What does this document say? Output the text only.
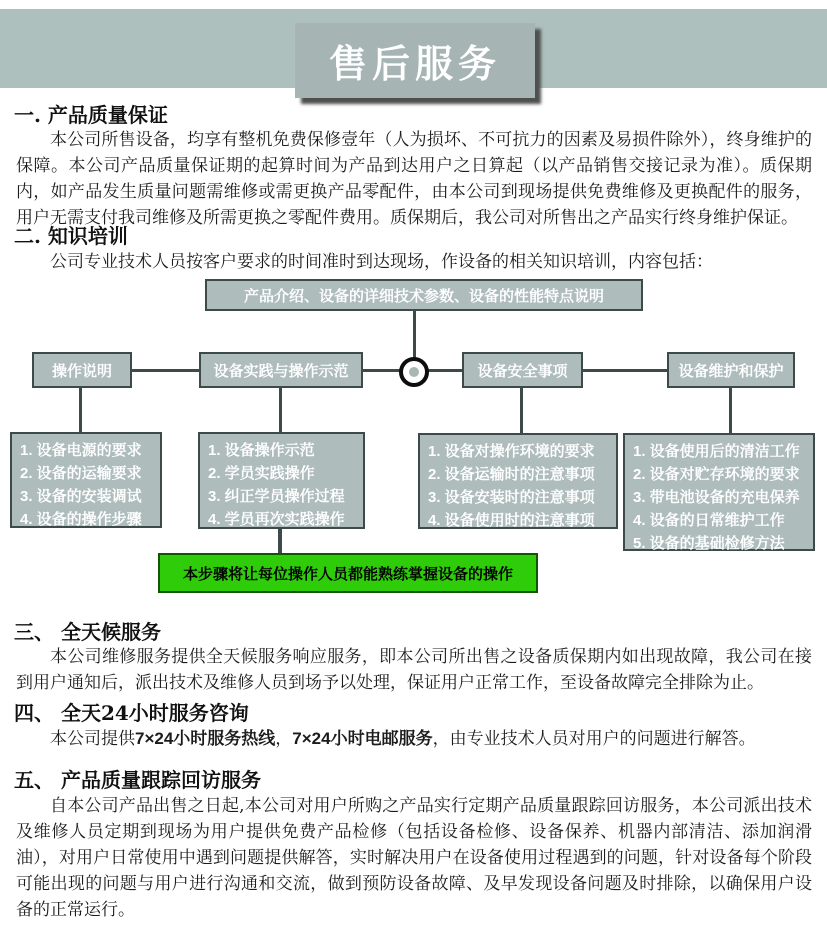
售后服务
一. 产品质量保证

本公司所售设备，均享有整机免费保修壹年（人为损坏、不可抗力的因素及易损件除外），终身维护的保障。本公司产品质量保证期的起算时间为产品到达用户之日算起（以产品销售交接记录为准）。质保期内，如产品发生质量问题需维修或需更换产品零配件，由本公司到现场提供免费维修及更换配件的服务，用户无需支付我司维修及所需更换之零配件费用。质保期后，我公司对所售出之产品实行终身维护保证。

二. 知识培训

公司专业技术人员按客户要求的时间准时到达现场，作设备的相关知识培训，内容包括：

产品介绍、设备的详细技术参数、设备的性能特点说明
操作说明	设备实践与操作示范	设备安全事项	设备维护和保护
1. 设备电源的要求
2. 设备的运输要求
3. 设备的安装调试
4. 设备的操作步骤
1. 设备操作示范
2. 学员实践操作
3. 纠正学员操作过程
4. 学员再次实践操作
1. 设备对操作环境的要求
2. 设备运输时的注意事项
3. 设备安装时的注意事项
4. 设备使用时的注意事项
1. 设备使用后的清洁工作
2. 设备对贮存环境的要求
3. 带电池设备的充电保养
4. 设备的日常维护工作
5. 设备的基础检修方法
本步骤将让每位操作人员都能熟练掌握设备的操作
三、 全天候服务

本公司维修服务提供全天候服务响应服务，即本公司所出售之设备质保期内如出现故障，我公司在接到用户通知后，派出技术及维修人员到场予以处理，保证用户正常工作，至设备故障完全排除为止。

四、 全天24小时服务咨询

本公司提供7×24小时服务热线，7×24小时电邮服务，由专业技术人员对用户的问题进行解答。

五、 产品质量跟踪回访服务

自本公司产品出售之日起,本公司对用户所购之产品实行定期产品质量跟踪回访服务，本公司派出技术及维修人员定期到现场为用户提供免费产品检修（包括设备检修、设备保养、机器内部清洁、添加润滑油），对用户日常使用中遇到问题提供解答，实时解决用户在设备使用过程遇到的问题，针对设备每个阶段可能出现的问题与用户进行沟通和交流，做到预防设备故障、及早发现设备问题及时排除，以确保用户设备的正常运行。
